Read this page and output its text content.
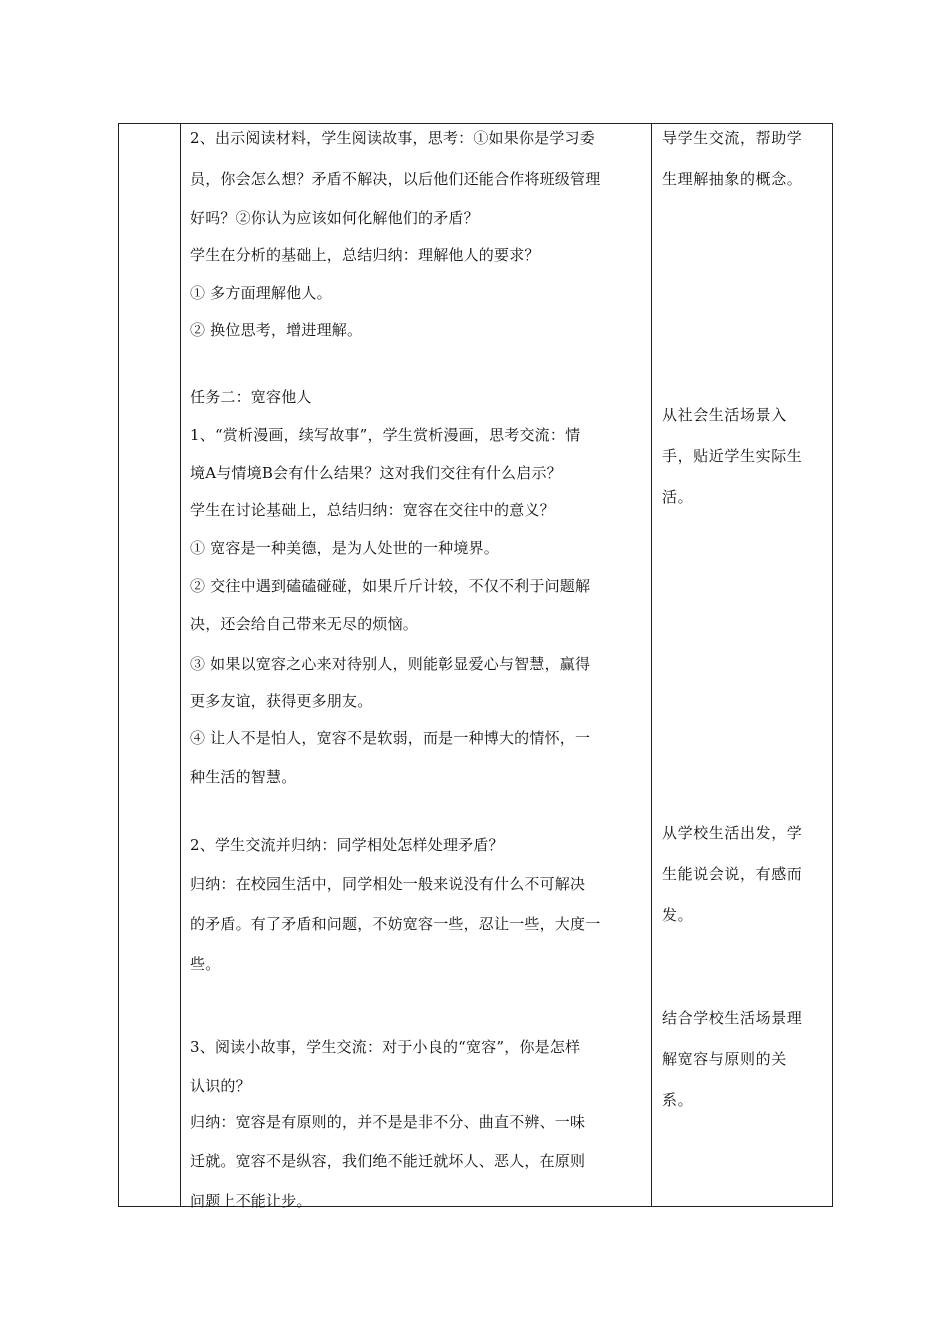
2、出示阅读材料，学生阅读故事，思考：①如果你是学习委
员，你会怎么想？矛盾不解决，以后他们还能合作将班级管理
好吗？②你认为应该如何化解他们的矛盾？
学生在分析的基础上，总结归纳：理解他人的要求？
① 多方面理解他人。
② 换位思考，增进理解。
任务二：宽容他人
1、“赏析漫画，续写故事”，学生赏析漫画，思考交流：情
境A与情境B会有什么结果？这对我们交往有什么启示？
学生在讨论基础上，总结归纳：宽容在交往中的意义？
① 宽容是一种美德，是为人处世的一种境界。
② 交往中遇到磕磕碰碰，如果斤斤计较，不仅不利于问题解
决，还会给自己带来无尽的烦恼。
③ 如果以宽容之心来对待别人，则能彰显爱心与智慧，赢得
更多友谊，获得更多朋友。
④ 让人不是怕人，宽容不是软弱，而是一种博大的情怀，一
种生活的智慧。
2、学生交流并归纳：同学相处怎样处理矛盾？
归纳：在校园生活中，同学相处一般来说没有什么不可解决
的矛盾。有了矛盾和问题，不妨宽容一些，忍让一些，大度一
些。
3、阅读小故事，学生交流：对于小良的“宽容”，你是怎样
认识的？
归纳：宽容是有原则的，并不是是非不分、曲直不辨、一味
迁就。宽容不是纵容，我们绝不能迁就坏人、恶人，在原则
问题上不能让步。
导学生交流，帮助学
生理解抽象的概念。
从社会生活场景入
手，贴近学生实际生
活。
从学校生活出发，学
生能说会说，有感而
发。
结合学校生活场景理
解宽容与原则的关
系。
